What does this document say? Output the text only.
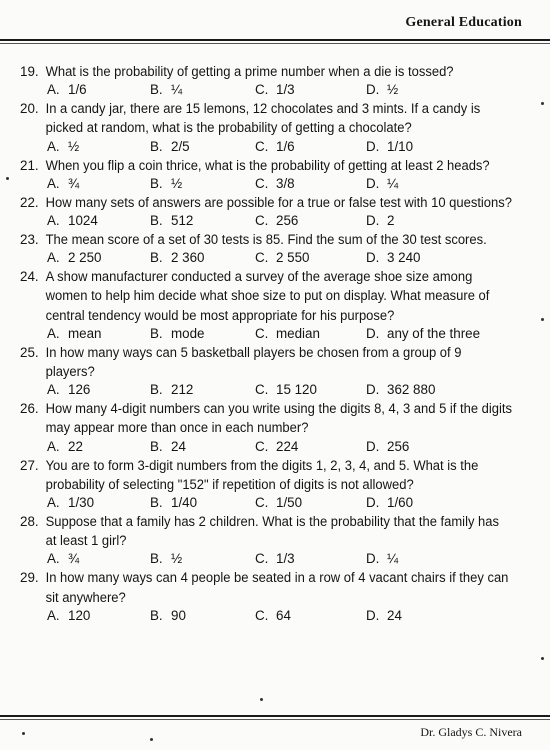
General Education
19. What is the probability of getting a prime number when a die is tossed?
A. 1/6	B. ¼	C. 1/3	D. ½
20. In a candy jar, there are 15 lemons, 12 chocolates and 3 mints. If a candy is picked at random, what is the probability of getting a chocolate?
A. ½	B. 2/5	C. 1/6	D. 1/10
21. When you flip a coin thrice, what is the probability of getting at least 2 heads?
A. ¾	B. ½	C. 3/8	D. ¼
22. How many sets of answers are possible for a true or false test with 10 questions?
A. 1024	B. 512	C. 256	D. 2
23. The mean score of a set of 30 tests is 85. Find the sum of the 30 test scores.
A. 2 250	B. 2 360	C. 2 550	D. 3 240
24. A show manufacturer conducted a survey of the average shoe size among women to help him decide what shoe size to put on display. What measure of central tendency would be most appropriate for his purpose?
A. mean	B. mode	C. median	D. any of the three
25. In how many ways can 5 basketball players be chosen from a group of 9 players?
A. 126	B. 212	C. 15 120	D. 362 880
26. How many 4-digit numbers can you write using the digits 8, 4, 3 and 5 if the digits may appear more than once in each number?
A. 22	B. 24	C. 224	D. 256
27. You are to form 3-digit numbers from the digits 1, 2, 3, 4, and 5. What is the probability of selecting "152" if repetition of digits is not allowed?
A. 1/30	B. 1/40	C. 1/50	D. 1/60
28. Suppose that a family has 2 children. What is the probability that the family has at least 1 girl?
A. ¾	B. ½	C. 1/3	D. ¼
29. In how many ways can 4 people be seated in a row of 4 vacant chairs if they can sit anywhere?
A. 120	B. 90	C. 64	D. 24
Dr. Gladys C. Nivera
